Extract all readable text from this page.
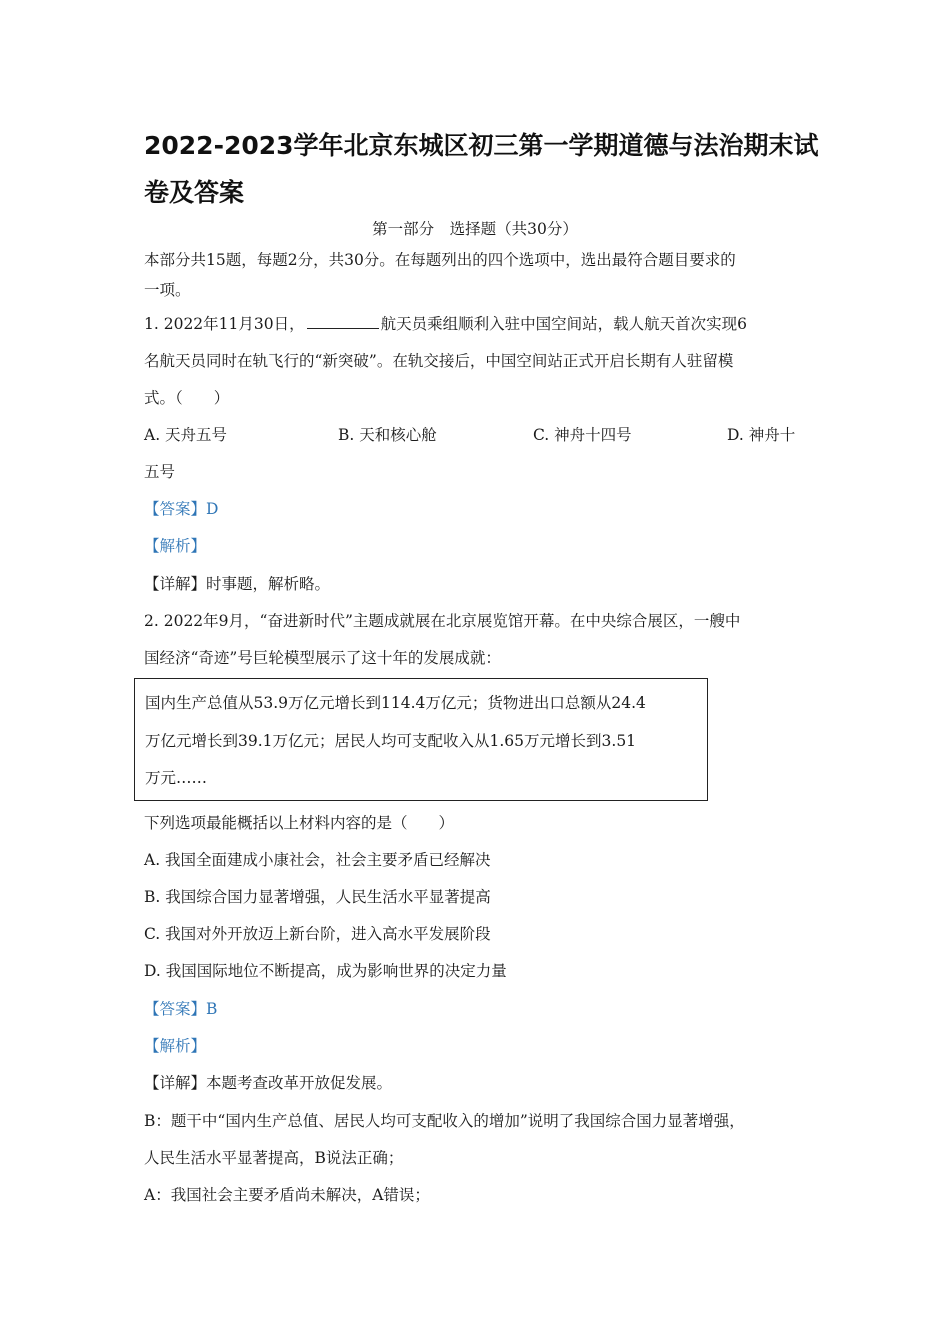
2022-2023学年北京东城区初三第一学期道德与法治期末试卷及答案
第一部分　选择题（共30分）
本部分共15题，每题2分，共30分。在每题列出的四个选项中，选出最符合题目要求的
一项。
1. 2022年11月30日，	航天员乘组顺利入驻中国空间站，载人航天首次实现6
名航天员同时在轨飞行的“新突破”。在轨交接后，中国空间站正式开启长期有人驻留模
式。（　　）
A. 天舟五号	B. 天和核心舱	C. 神舟十四号	D. 神舟十
五号
【答案】D
【解析】
【详解】时事题，解析略。
2. 2022年9月，“奋进新时代”主题成就展在北京展览馆开幕。在中央综合展区，一艘中
国经济“奇迹”号巨轮模型展示了这十年的发展成就：
国内生产总值从53.9万亿元增长到114.4万亿元；货物进出口总额从24.4
万亿元增长到39.1万亿元；居民人均可支配收入从1.65万元增长到3.51
万元……
下列选项最能概括以上材料内容的是（　　）
A. 我国全面建成小康社会，社会主要矛盾已经解决
B. 我国综合国力显著增强，人民生活水平显著提高
C. 我国对外开放迈上新台阶，进入高水平发展阶段
D. 我国国际地位不断提高，成为影响世界的决定力量
【答案】B
【解析】
【详解】本题考查改革开放促发展。
B：题干中“国内生产总值、居民人均可支配收入的增加”说明了我国综合国力显著增强，
人民生活水平显著提高，B说法正确；
A：我国社会主要矛盾尚未解决，A错误；
